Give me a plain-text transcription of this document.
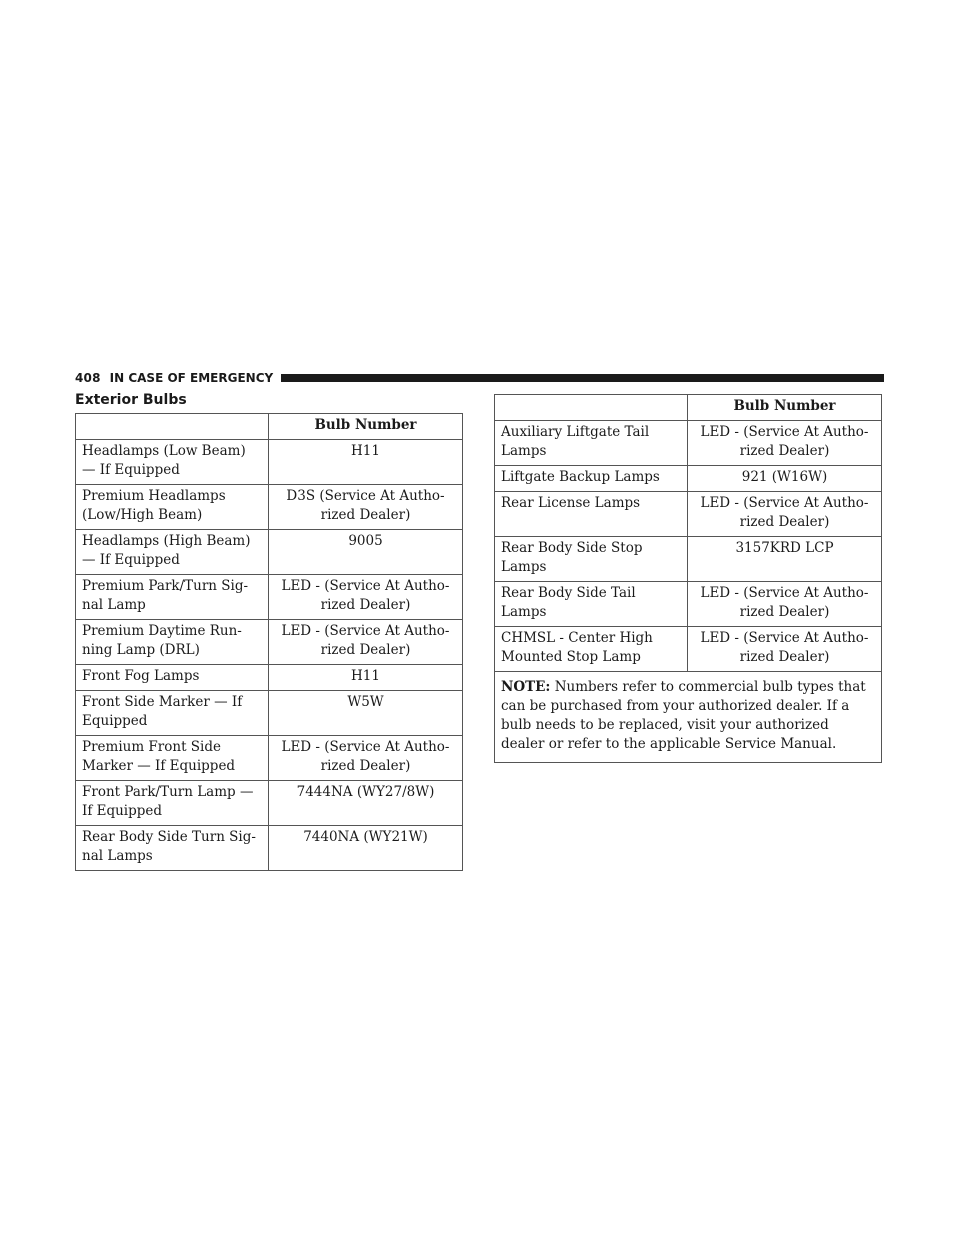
408 IN CASE OF EMERGENCY
Exterior Bulbs
	Bulb Number
Headlamps (Low Beam) — If Equipped	H11
Premium Headlamps (Low/High Beam)	D3S (Service At Autho- rized Dealer)
Headlamps (High Beam) — If Equipped	9005
Premium Park/Turn Sig- nal Lamp	LED - (Service At Autho- rized Dealer)
Premium Daytime Run- ning Lamp (DRL)	LED - (Service At Autho- rized Dealer)
Front Fog Lamps	H11
Front Side Marker — If Equipped	W5W
Premium Front Side Marker — If Equipped	LED - (Service At Autho- rized Dealer)
Front Park/Turn Lamp — If Equipped	7444NA (WY27/8W)
Rear Body Side Turn Sig- nal Lamps	7440NA (WY21W)
	Bulb Number
Auxiliary Liftgate Tail Lamps	LED - (Service At Autho- rized Dealer)
Liftgate Backup Lamps	921 (W16W)
Rear License Lamps	LED - (Service At Autho- rized Dealer)
Rear Body Side Stop Lamps	3157KRD LCP
Rear Body Side Tail Lamps	LED - (Service At Autho- rized Dealer)
CHMSL - Center High Mounted Stop Lamp	LED - (Service At Autho- rized Dealer)
NOTE: Numbers refer to commercial bulb types that can be purchased from your authorized dealer. If a bulb needs to be replaced, visit your authorized dealer or refer to the applicable Service Manual.	
